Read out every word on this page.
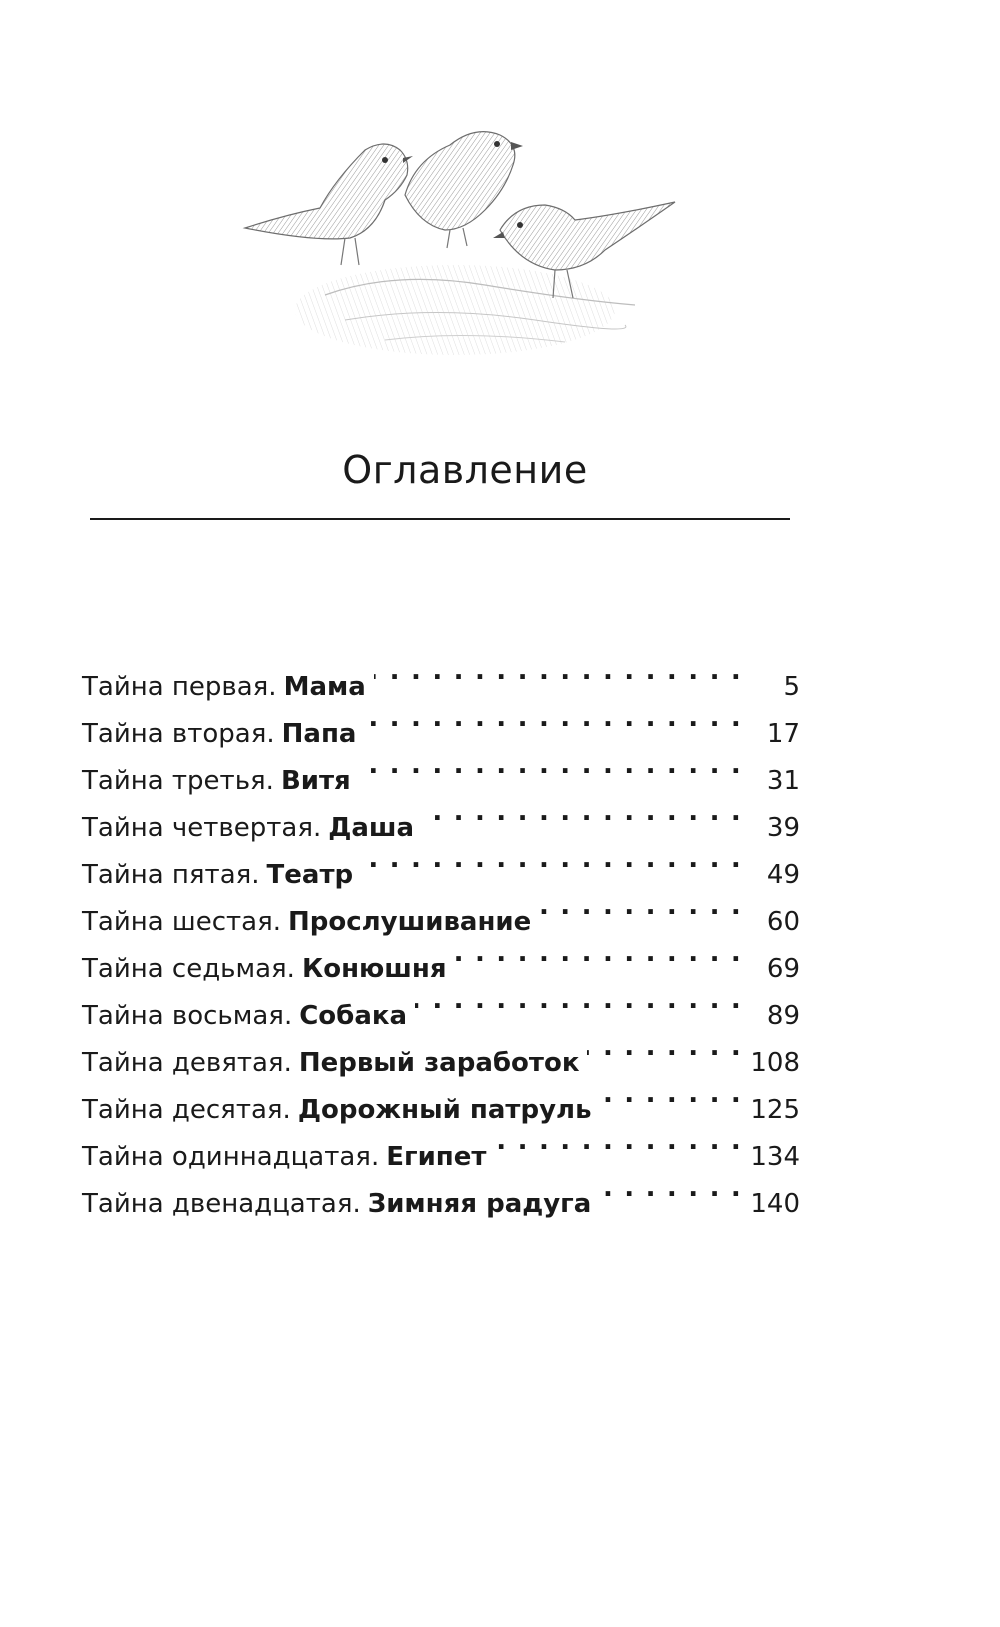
Оглавление
Тайна первая. Мама . . .	5
Тайна вторая. Папа . . .	17
Тайна третья. Витя . . .	31
Тайна четвертая. Даша . . .	39
Тайна пятая. Театр . . .	49
Тайна шестая. Прослушивание . . .	60
Тайна седьмая. Конюшня . . .	69
Тайна восьмая. Собака . . .	89
Тайна девятая. Первый заработок . . .	108
Тайна десятая. Дорожный патруль . . .	125
Тайна одиннадцатая. Египет . . .	134
Тайна двенадцатая. Зимняя радуга . . .	140
